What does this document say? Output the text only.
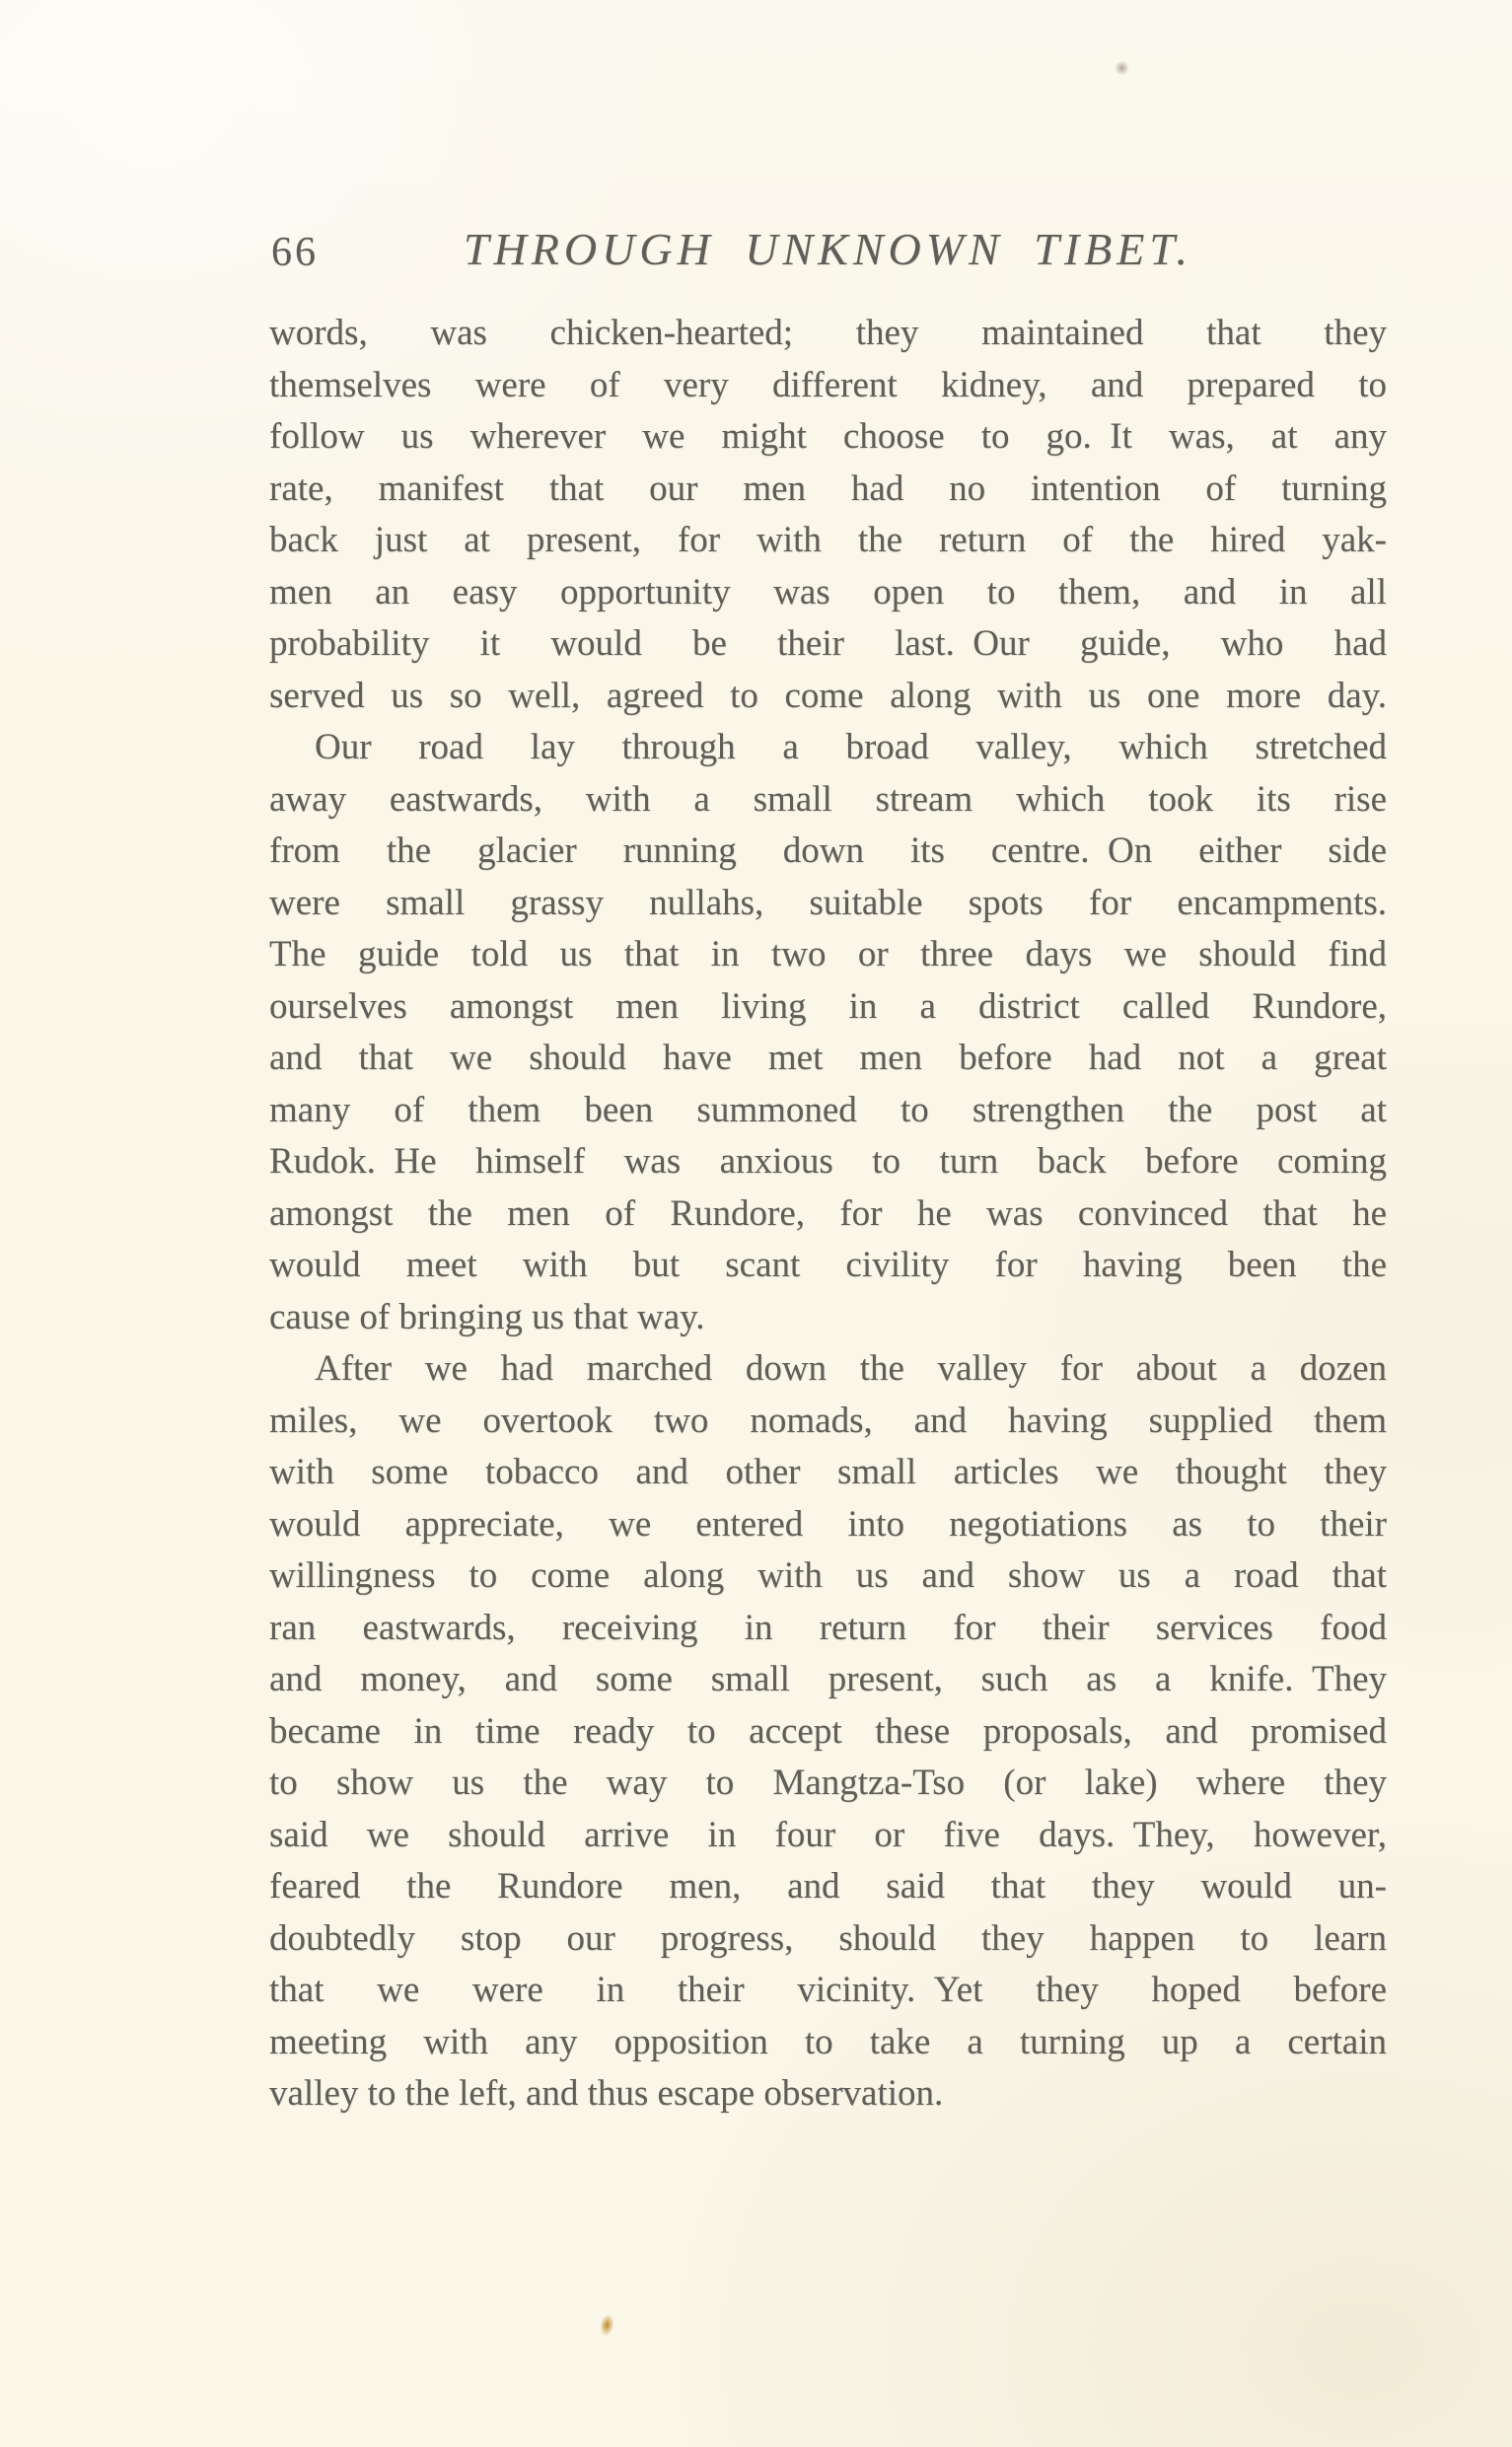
66	THROUGH UNKNOWN TIBET.
words, was chicken-hearted; they maintained that they
themselves were of very different kidney, and prepared to
follow us wherever we might choose to go. It was, at any
rate, manifest that our men had no intention of turning
back just at present, for with the return of the hired yak-
men an easy opportunity was open to them, and in all
probability it would be their last. Our guide, who had
served us so well, agreed to come along with us one more day.
Our road lay through a broad valley, which stretched
away eastwards, with a small stream which took its rise
from the glacier running down its centre. On either side
were small grassy nullahs, suitable spots for encampments.
The guide told us that in two or three days we should find
ourselves amongst men living in a district called Rundore,
and that we should have met men before had not a great
many of them been summoned to strengthen the post at
Rudok. He himself was anxious to turn back before coming
amongst the men of Rundore, for he was convinced that he
would meet with but scant civility for having been the
cause of bringing us that way.
After we had marched down the valley for about a dozen
miles, we overtook two nomads, and having supplied them
with some tobacco and other small articles we thought they
would appreciate, we entered into negotiations as to their
willingness to come along with us and show us a road that
ran eastwards, receiving in return for their services food
and money, and some small present, such as a knife. They
became in time ready to accept these proposals, and promised
to show us the way to Mangtza-Tso (or lake) where they
said we should arrive in four or five days. They, however,
feared the Rundore men, and said that they would un-
doubtedly stop our progress, should they happen to learn
that we were in their vicinity. Yet they hoped before
meeting with any opposition to take a turning up a certain
valley to the left, and thus escape observation.
